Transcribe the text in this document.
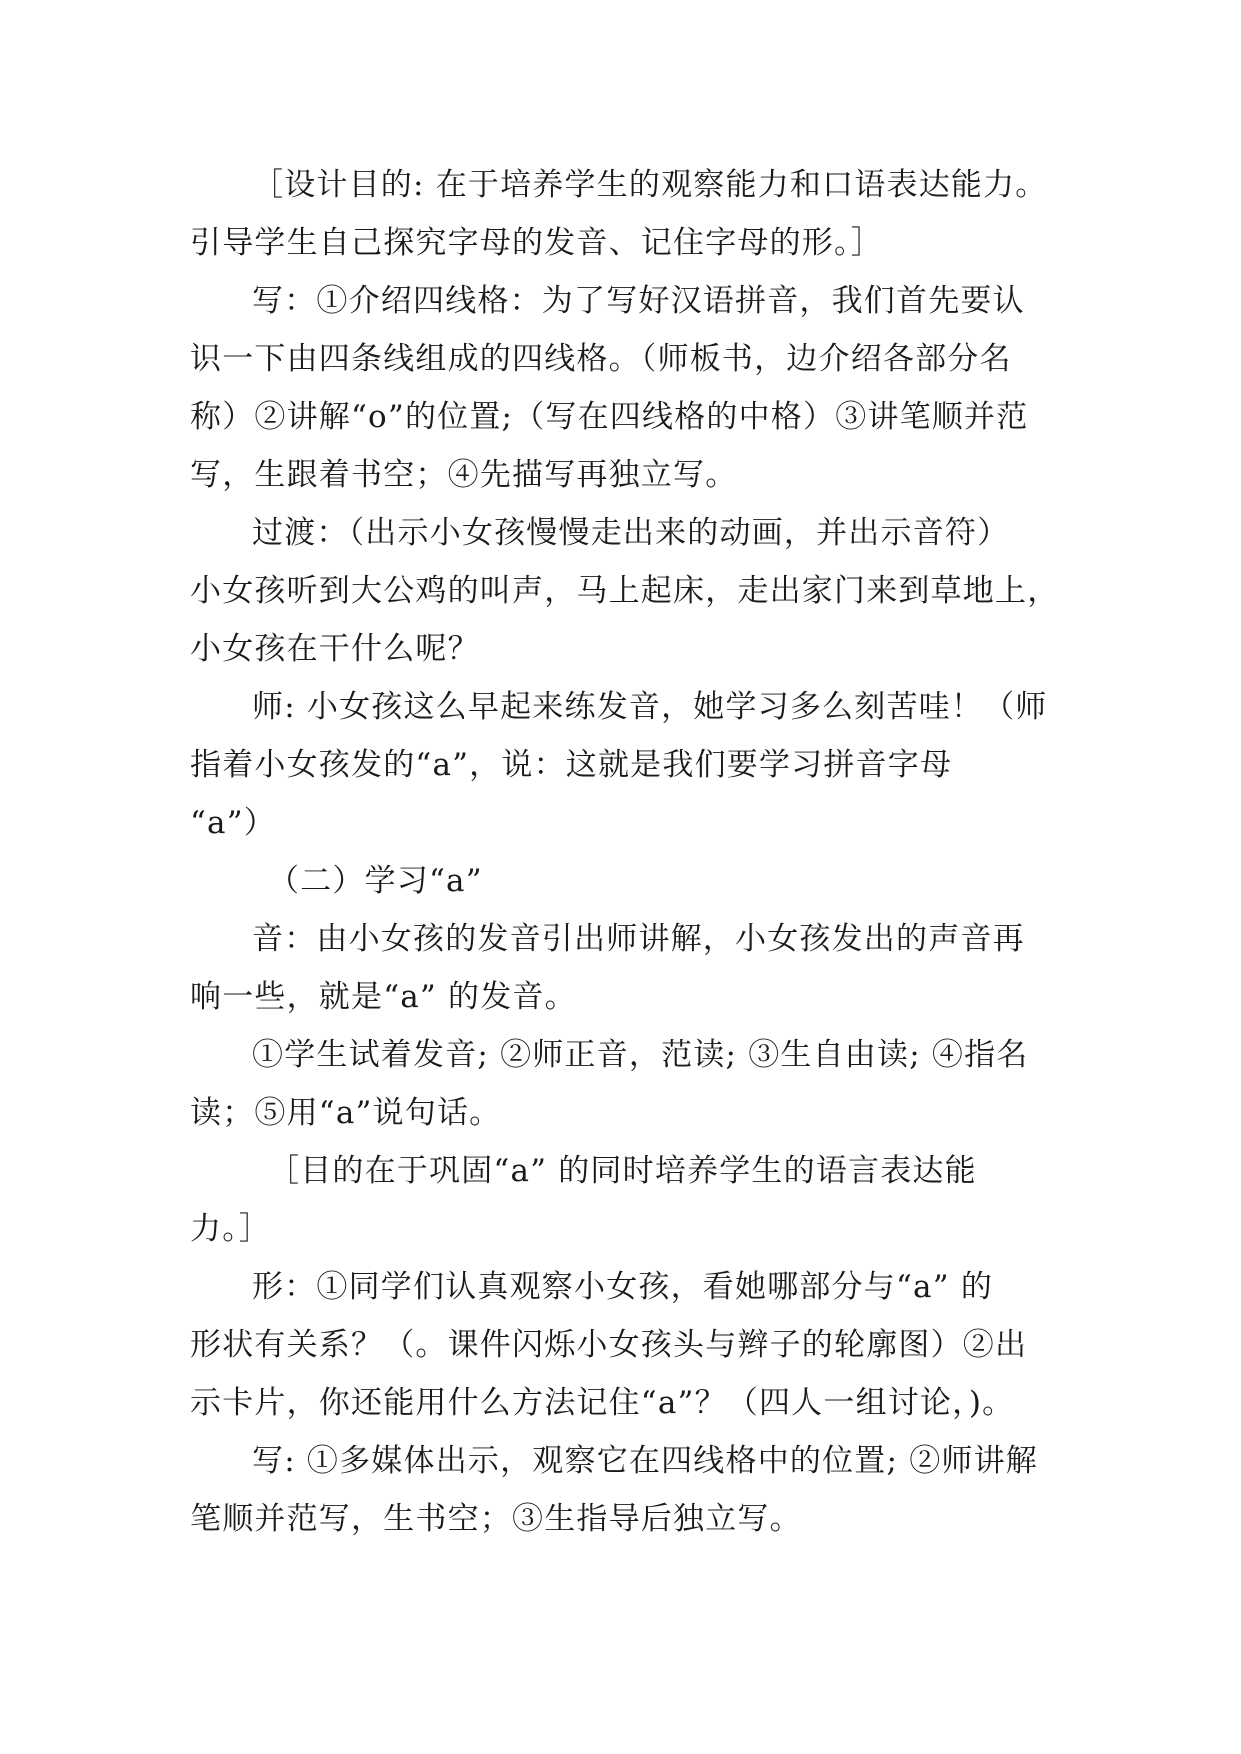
［设计目的: 在于培养学生的观察能力和口语表达能力。
引导学生自己探究字母的发音、记住字母的形。］
写：①介绍四线格：为了写好汉语拼音，我们首先要认
识一下由四条线组成的四线格。（师板书，边介绍各部分名
称）②讲解“o”的位置;（写在四线格的中格）③讲笔顺并范
写，生跟着书空；④先描写再独立写。
过渡：（出示小女孩慢慢走出来的动画，并出示音符）
小女孩听到大公鸡的叫声，马上起床，走出家门来到草地上，
小女孩在干什么呢？
师: 小女孩这么早起来练发音，她学习多么刻苦哇！（师
指着小女孩发的“a”，说：这就是我们要学习拼音字母
“a”）
（二）学习“a”
音：由小女孩的发音引出师讲解，小女孩发出的声音再
响一些，就是“a” 的发音。
①学生试着发音; ②师正音，范读; ③生自由读; ④指名
读；⑤用“a”说句话。
［目的在于巩固“a” 的同时培养学生的语言表达能
力。］
形：①同学们认真观察小女孩，看她哪部分与“a” 的
形状有关系？（。课件闪烁小女孩头与辫子的轮廓图）②出
示卡片，你还能用什么方法记住“a”？（四人一组讨论，)。
写: ①多媒体出示，观察它在四线格中的位置; ②师讲解
笔顺并范写，生书空；③生指导后独立写。
